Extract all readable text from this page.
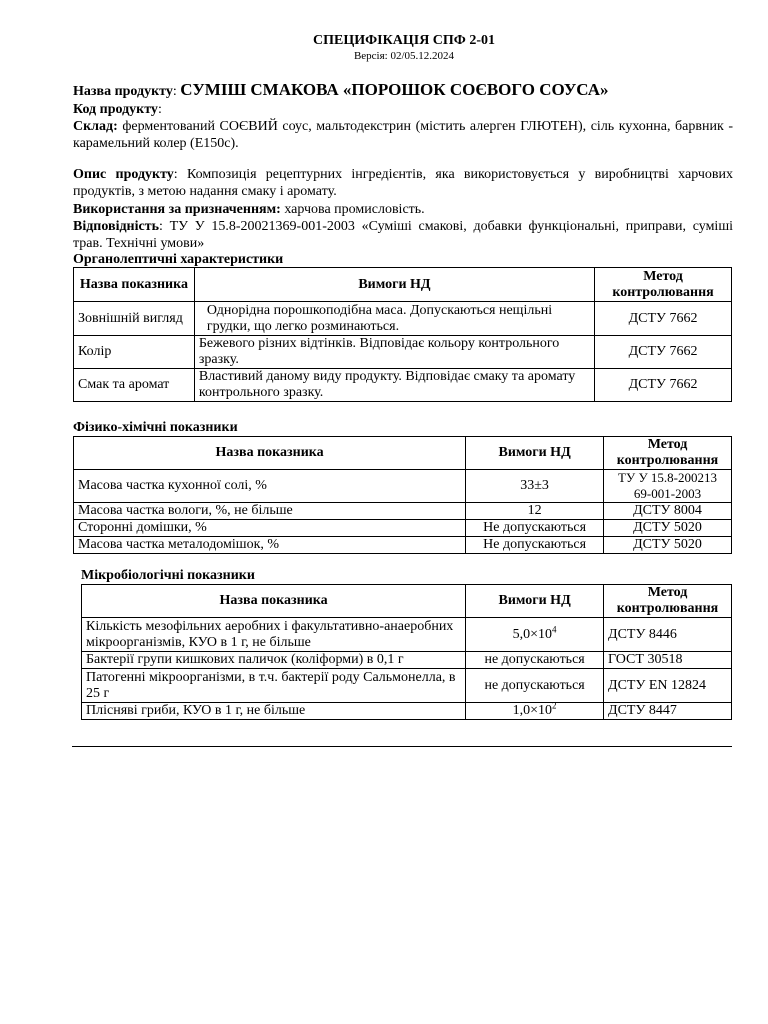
СПЕЦИФІКАЦІЯ СПФ 2-01
Версія: 02/05.12.2024
Назва продукту: СУМІШ СМАКОВА «ПОРОШОК СОЄВОГО СОУСА»
Код продукту:
Склад: ферментований СОЄВИЙ соус, мальтодекстрин (містить алерген ГЛЮТЕН), сіль кухонна, барвник - карамельний колер (Е150с).
Опис продукту: Композиція рецептурних інгредієнтів, яка використовується у виробництві харчових продуктів, з метою надання смаку і аромату.
Використання за призначенням: харчова промисловість.
Відповідність: ТУ У 15.8-20021369-001-2003 «Суміші смакові, добавки функціональні, приправи, суміші трав. Технічні умови»
Органолептичні характеристики
Назва показника	Вимоги НД	Метод контролювання
Зовнішній вигляд	Однорідна порошкоподібна маса. Допускаються нещільні грудки, що легко розминаються.	ДСТУ 7662
Колір	Бежевого різних відтінків. Відповідає кольору контрольного зразку.	ДСТУ 7662
Смак та аромат	Властивий даному виду продукту. Відповідає смаку та аромату контрольного зразку.	ДСТУ 7662
Фізико-хімічні показники
Назва показника	Вимоги НД	Метод контролювання
Масова частка кухонної солі, %	33±3	ТУ У 15.8-200213 69-001-2003
Масова частка вологи, %, не більше	12	ДСТУ 8004
Сторонні домішки, %	Не допускаються	ДСТУ 5020
Масова частка металодомішок, %	Не допускаються	ДСТУ 5020
Мікробіологічні показники
Назва показника	Вимоги НД	Метод контролювання
Кількість мезофільних аеробних і факультативно-анаеробних мікроорганізмів, КУО в 1 г, не більше	$5,0\times 10^4$	ДСТУ 8446
Бактерії групи кишкових паличок (коліформи) в 0,1 г	не допускаються	ГОСТ 30518
Патогенні мікроорганізми, в т.ч. бактерії роду Сальмонелла, в 25 г	не допускаються	ДСТУ EN 12824
Плісняві гриби, КУО в 1 г, не більше	$1,0\times 10^2$	ДСТУ 8447
